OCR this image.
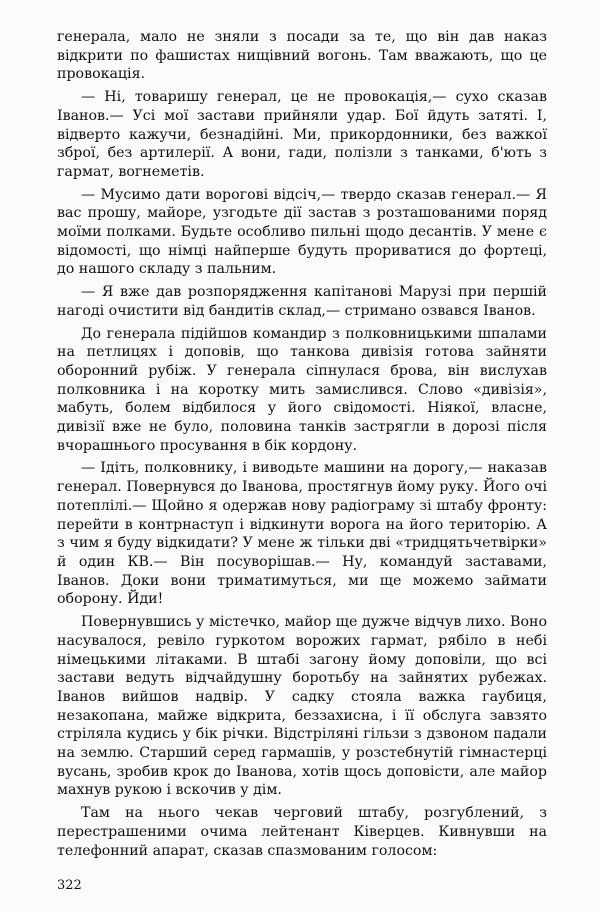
генерала, мало не зняли з посади за те, що він дав наказ відкрити по фашистах нищівний вогонь. Там вважають, що це провокація.

— Ні, товаришу генерал, це не провокація,— сухо сказав Іванов.— Усі мої застави прийняли удар. Бої йдуть затяті. І, відверто кажучи, безнадійні. Ми, прикордонники, без важкої зброї, без артилерії. А вони, гади, полізли з танками, б'ють з гармат, вогнеметів.

— Мусимо дати ворогові відсіч,— твердо сказав генерал.— Я вас прошу, майоре, узгодьте дії застав з розташованими поряд моїми полками. Будьте особливо пильні щодо десантів. У мене є відомості, що німці найперше будуть прориватися до фортеці, до нашого складу з пальним.

— Я вже дав розпорядження капітанові Марузі при першій нагоді очистити від бандитів склад,— стримано озвався Іванов.

До генерала підійшов командир з полковницькими шпалами на петлицях і доповів, що танкова дивізія готова зайняти оборонний рубіж. У генерала сіпнулася брова, він вислухав полковника і на коротку мить замислився. Слово «дивізія», мабуть, болем відбилося у його свідомості. Ніякої, власне, дивізії вже не було, половина танків застрягли в дорозі після вчорашнього просування в бік кордону.

— Ідіть, полковнику, і виводьте машини на дорогу,— наказав генерал. Повернувся до Іванова, простягнув йому руку. Його очі потеплілі.— Щойно я одержав нову радіограму зі штабу фронту: перейти в контрнаступ і відкинути ворога на його територію. А з чим я буду відкидати? У мене ж тільки дві «тридцятьчетвірки» й один КВ.— Він посуворішав.— Ну, командуй заставами, Іванов. Доки вони триматимуться, ми ще можемо займати оборону. Йди!

Повернувшись у містечко, майор ще дужче відчув лихо. Воно насувалося, ревіло гуркотом ворожих гармат, рябіло в небі німецькими літаками. В штабі загону йому доповіли, що всі застави ведуть відчайдушну боротьбу на зайнятих рубежах. Іванов вийшов надвір. У садку стояла важка гаубиця, незакопана, майже відкрита, беззахисна, і її обслуга завзято стріляла кудись у бік річки. Відстріляні гільзи з дзвоном падали на землю. Старший серед гармашів, у розстебнутій гімнастерці вусань, зробив крок до Іванова, хотів щось доповісти, але майор махнув рукою і вскочив у дім.

Там на нього чекав черговий штабу, розгублений, з перестрашеними очима лейтенант Ківерцев. Кивнувши на телефонний апарат, сказав спазмованим голосом:

322
